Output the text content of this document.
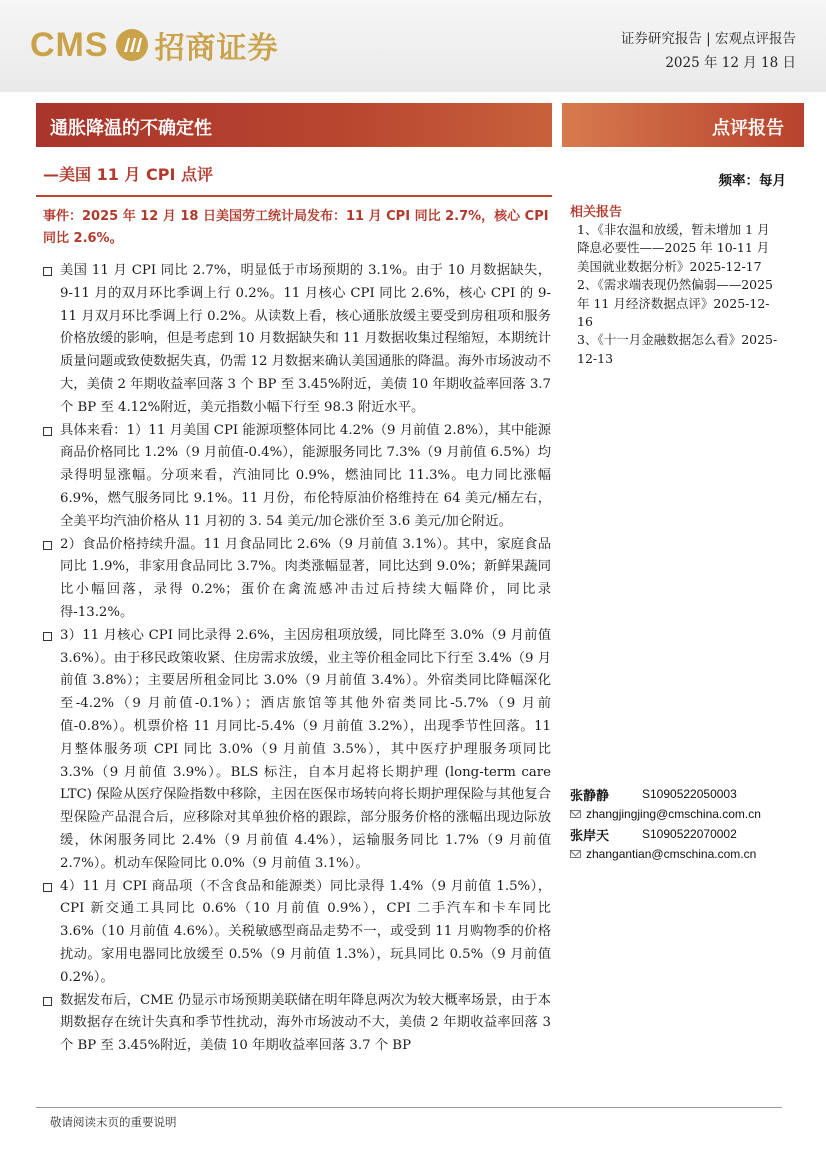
CMS 招商证券	证券研究报告 | 宏观点评报告
2025 年 12 月 18 日
通胀降温的不确定性	点评报告
—美国 11 月 CPI 点评	频率：每月
事件：2025 年 12 月 18 日美国劳工统计局发布：11 月 CPI 同比 2.7%，核心 CPI 同比 2.6%。
美国 11 月 CPI 同比 2.7%，明显低于市场预期的 3.1%。由于 10 月数据缺失，9-11 月的双月环比季调上行 0.2%。11 月核心 CPI 同比 2.6%，核心 CPI 的 9-11 月双月环比季调上行 0.2%。从读数上看，核心通胀放缓主要受到房租项和服务价格放缓的影响，但是考虑到 10 月数据缺失和 11 月数据收集过程缩短，本期统计质量问题或致使数据失真，仍需 12 月数据来确认美国通胀的降温。海外市场波动不大，美债 2 年期收益率回落 3 个 BP 至 3.45%附近，美债 10 年期收益率回落 3.7 个 BP 至 4.12%附近，美元指数小幅下行至 98.3 附近水平。
具体来看：1）11 月美国 CPI 能源项整体同比 4.2%（9 月前值 2.8%），其中能源商品价格同比 1.2%（9 月前值-0.4%），能源服务同比 7.3%（9 月前值 6.5%）均录得明显涨幅。分项来看，汽油同比 0.9%，燃油同比 11.3%。电力同比涨幅 6.9%，燃气服务同比 9.1%。11 月份，布伦特原油价格维持在 64 美元/桶左右，全美平均汽油价格从 11 月初的 3. 54 美元/加仑涨价至 3.6 美元/加仑附近。
2）食品价格持续升温。11 月食品同比 2.6%（9 月前值 3.1%）。其中，家庭食品同比 1.9%，非家用食品同比 3.7%。肉类涨幅显著，同比达到 9.0%；新鲜果蔬同比小幅回落，录得 0.2%；蛋价在禽流感冲击过后持续大幅降价，同比录得-13.2%。
3）11 月核心 CPI 同比录得 2.6%，主因房租项放缓，同比降至 3.0%（9 月前值 3.6%）。由于移民政策收紧、住房需求放缓，业主等价租金同比下行至 3.4%（9 月前值 3.8%）；主要居所租金同比 3.0%（9 月前值 3.4%）。外宿类同比降幅深化至-4.2%（9 月前值-0.1%）；酒店旅馆等其他外宿类同比-5.7%（9 月前值-0.8%）。机票价格 11 月同比-5.4%（9 月前值 3.2%），出现季节性回落。11 月整体服务项 CPI 同比 3.0%（9 月前值 3.5%），其中医疗护理服务项同比 3.3%（9 月前值 3.9%）。BLS 标注，自本月起将长期护理 (long-term care LTC) 保险从医疗保险指数中移除，主因在医保市场转向将长期护理保险与其他复合型保险产品混合后，应移除对其单独价格的跟踪，部分服务价格的涨幅出现边际放缓，休闲服务同比 2.4%（9 月前值 4.4%），运输服务同比 1.7%（9 月前值 2.7%）。机动车保险同比 0.0%（9 月前值 3.1%）。
4）11 月 CPI 商品项（不含食品和能源类）同比录得 1.4%（9 月前值 1.5%），CPI 新交通工具同比 0.6%（10 月前值 0.9%），CPI 二手汽车和卡车同比 3.6%（10 月前值 4.6%）。关税敏感型商品走势不一，或受到 11 月购物季的价格扰动。家用电器同比放缓至 0.5%（9 月前值 1.3%），玩具同比 0.5%（9 月前值 0.2%）。
数据发布后，CME 仍显示市场预期美联储在明年降息两次为较大概率场景，由于本期数据存在统计失真和季节性扰动，海外市场波动不大，美债 2 年期收益率回落 3 个 BP 至 3.45%附近，美债 10 年期收益率回落 3.7 个 BP
相关报告
1、《非农温和放缓，暂未增加 1 月降息必要性——2025 年 10-11 月美国就业数据分析》2025-12-17
2、《需求端表现仍然偏弱——2025 年 11 月经济数据点评》2025-12-16
3、《十一月金融数据怎么看》2025-12-13
张静静	S1090522050003
zhangjingjing@cmschina.com.cn
张岸天	S1090522070002
zhangantian@cmschina.com.cn
敬请阅读末页的重要说明
